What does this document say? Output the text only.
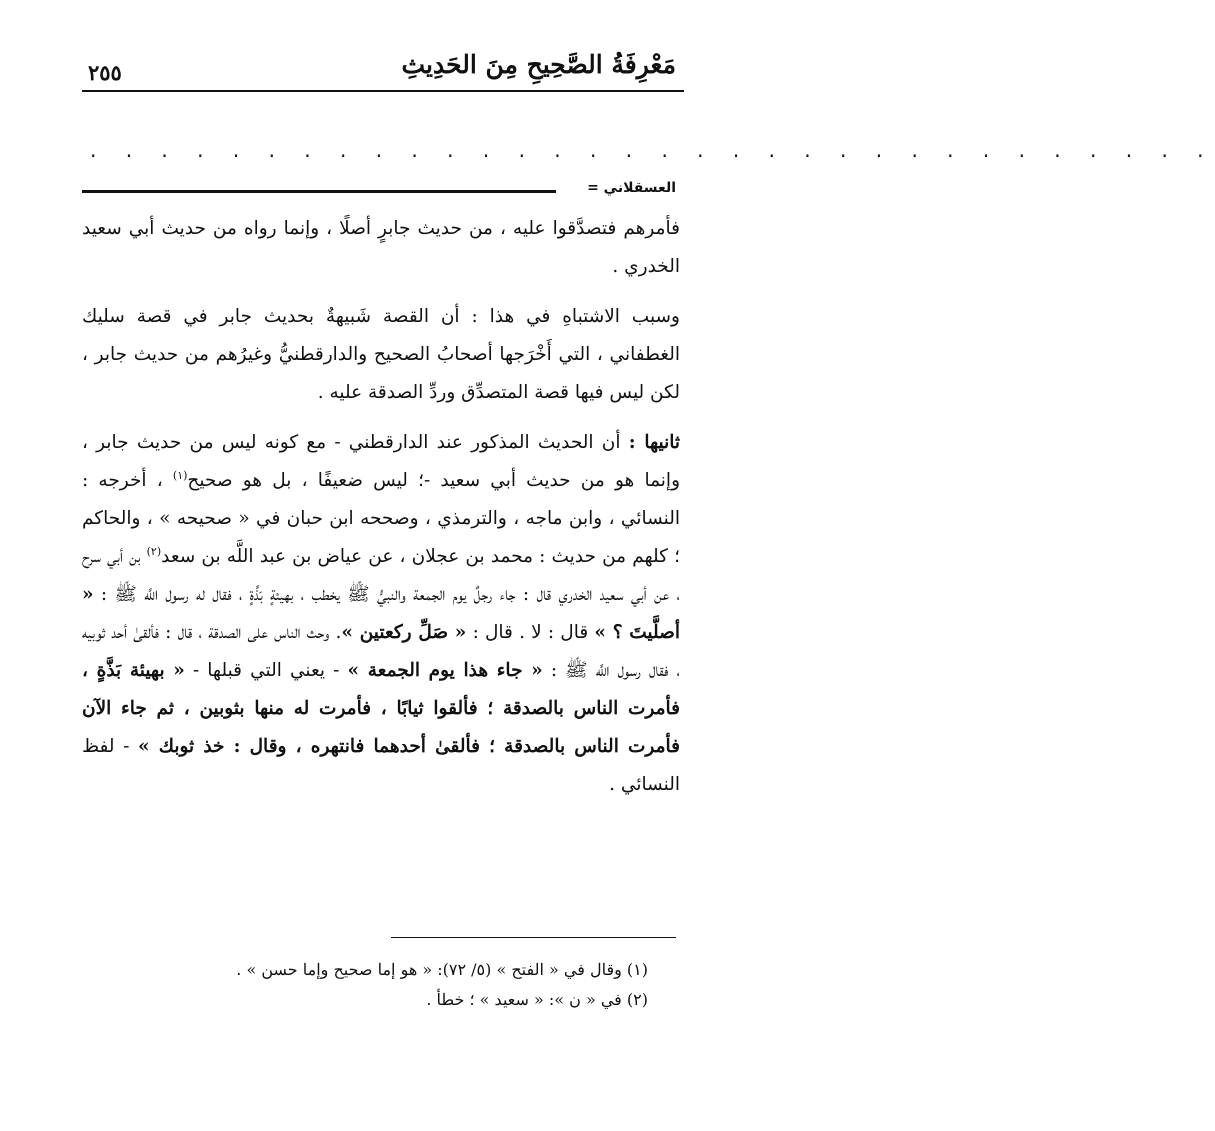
مَعْرِفَةُ الصَّحِيحِ مِنَ الحَدِيثِ
٢٥٥
. . . . . . . . . . . . . . . . . . . . . . . . . . . . . . . .
العسقلاني =

فأمرهم فتصدَّقوا عليه ، من حديث جابرٍ أصلًا ، وإنما رواه من حديث أبي سعيد الخدري .

وسبب الاشتباهِ في هذا : أن القصة شَبيهةٌ بحديث جابر في قصة سليك الغطفاني ، التي أَخْرَجها أصحابُ الصحيح والدارقطنيُّ وغيرُهم من حديث جابر ، لكن ليس فيها قصة المتصدِّق وردِّ الصدقة عليه .

ثانيها : أن الحديث المذكور عند الدارقطني - مع كونه ليس من حديث جابر ، وإنما هو من حديث أبي سعيد -؛ ليس ضعيفًا ، بل هو صحيح$^{(١)}$ ، أخرجه : النسائي ، وابن ماجه ، والترمذي ، وصححه ابن حبان في « صحيحه » ، والحاكم ؛ كلهم من حديث : محمد بن عجلان ، عن عياض بن عبد اللَّه بن سعد$^{(٢)}$ بن أبي سرح ، عن أبي سعيد الخدري قال : جاء رجلٌ يوم الجمعة والنبيُّ ﷺ يخطب ، بهيئةٍ بَذَّةٍ ، فقال له رسول اللَّه ﷺ : « أصلَّيتَ ؟ » قال : لا . قال : « صَلِّ ركعتين ». وحث الناس على الصدقة ، قال : فألقىٰ أحد ثوبيه ، فقال رسول اللَّه ﷺ : « جاء هذا يوم الجمعة » - يعني التي قبلها - « بهيئة بَذَّةٍ ، فأمرت الناس بالصدقة ؛ فألقوا ثيابًا ، فأمرت له منها بثوبين ، ثم جاء الآن فأمرت الناس بالصدقة ؛ فألقىٰ أحدهما فانتهره ، وقال : خذ ثوبك » - لفظ النسائي .

(١) وقال في « الفتح » (٥/ ٧٢): « هو إما صحيح وإما حسن » .
(٢) في « ن »: « سعيد » ؛ خطأ .
